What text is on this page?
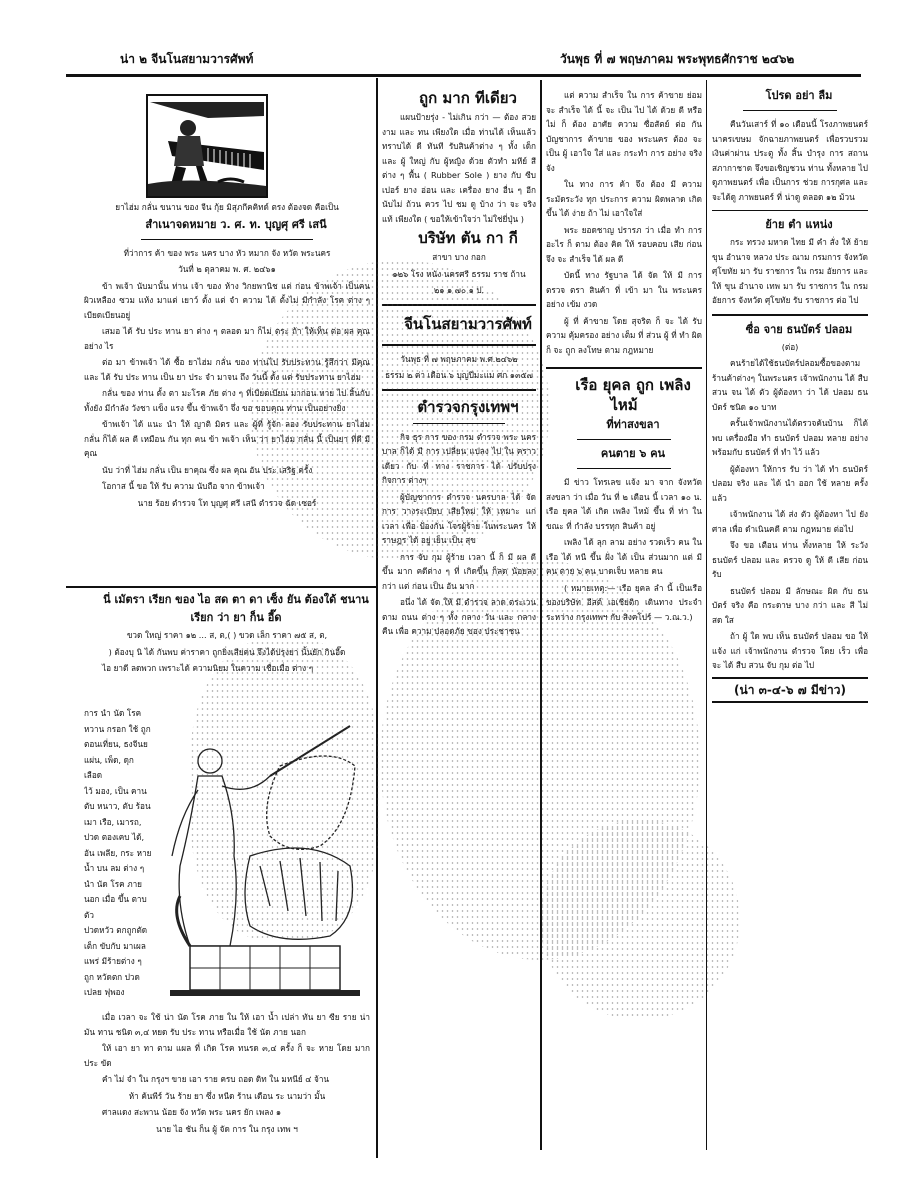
น่า ๒ จีนโนสยามวารศัพท์	วันพุธ ที่ ๗ พฤษภาคม พระพุทธศักราช ๒๔๖๒

ยาไฮ่ม กลั่น ขนาน ของ จีน กุ้ย มิสุภกีคคิทด์ ตรง ต้องจด คือเป็น

สำเนาจดหมาย ว. ศ. ท. บุญศุ ศรี เสนี

ที่ว่าการ ค้า ของ พระ นคร บาง หัว หมาก จัง หวัด พระนคร

วันที่ ๒ ตุลาคม พ. ศ. ๒๔๖๑

ข้า พเจ้า นับมานั้น ท่าน เจ้า ของ ห้าง วิกยพานิช แต่ ก่อน ข้าพเจ้า เป็นคน ผิวเหลือง ซวม แห้ง มาแต่ เยาว์ ตั้ง แต่ จำ ความ ได้ ตั้งไม่ มีกำลัง โรค ต่าง ๆ เบียดเบียนอยู่

เสมอ ได้ รับ ประ ทาน ยา ต่าง ๆ ตลอด มา ก็ไม่ ตระ ถ้า ให้เห็น ต่อ ผล คุณ อย่าง ไร

ต่อ มา ข้าพเจ้า ได้ ซื้อ ยาไฮ่ม กลั่น ของ ท่านไป รับประทาน รู้สึกว่า มีคุณ และ ได้ รับ ประ ทาน เป็น ยา ประ จำ มาจน ถึง วันนี้ ตั้ง แต่ รับประทาน ยาไฮ่ม

กลั่น ของ ท่าน ตั้ง ตา มะโรค ภัย ต่าง ๆ ที่เบียดเบียน มาก่อน หาย ไป สิ้นกับ ทั้งยัง มีกำลัง วังชา แข็ง แรง ขึ้น ข้าพเจ้า จึ่ง ขอ ขอบคุณ ท่าน เป็นอย่างยิ่ง

ข้าพเจ้า ได้ แนะ นำ ให้ ญาติ มิตร และ ผู้ที่ รู้จัก ลอง รับประทาน ยาไฮ่ม กลั่น ก็ได้ ผล ดี เหมือน กัน ทุก คน ข้า พเจ้า เห็น ว่า ยาไฮ่ม กลั่น นี้ เป็นยา ที่ดี มี คุณ

นับ ว่าที่ ไฮ่ม กลั่น เป็น ยาคุณ ซึ่ง ผล คุณ อัน ประ เสริฐ ครั้ง

โอกาส นี้ ขอ ให้ รับ ความ นับถือ จาก ข้าพเจ้า

นาย ร้อย ตำรวจ โท บุญศุ ศรี เสนี ตำรวจ ฉัด เซอร์

นี่ เมัตรา เรียก ของ ไอ สด ตา ดา เซ็ง ยัน ต้องใด้ ชนาน

เรียก ว่า ยา ก็น อี๊ด

ขวด ใหญ่ ราคา ๑๒ ... ส, ต,( ) ขวด เล็ก ราคา ๗๕ ส, ต,

) ต้องบุ นิ ได้ กันพบ ค่าราคา ถูกยิ่งเสียคน จึงได้ปรุงยา นั้นยัก กินอี๊ด

ไอ ยาดี ลดพวก เพราะได้ ความนิยม ในความ เชื่อเมื่อ ต่าง ๆ

การ นำ นัด โรค
หวาน กรอก ใช้ ถูก
ตอนเที่ยน, ธงจีนย
แผ่น, เพ็ด, ดุก เลือด
ไว้ มอง, เป็น คาน
ตับ หนาว, ตับ ร้อน
เมา เรือ, เมารถ,
ปวด ตองเคบ ได้,
อัน เพลีย, กระ หาย
น้ำ บน ลม ต่าง ๆ
นำ นัด โรค ภาย
นอก เมื่อ ขึ้น ตาบตัว
ปวดหวัว ตกถูกตัด
เต็ก ขับกับ มาเผล
แพร่ มีร้ายต่าง ๆ
ถูก หวัดตก ปวด
เปลย ฟุพอง

เมื่อ เวลา จะ ใช้ น่า นัด โรค ภาย ใน ให้ เอา น้ำ เปล่า ทัน ยา ซีย ราย น่า มัน ทาน ชนิด ๓,๔ หยด รับ ประ ทาน หรือเมื่อ ใช้ นัด ภาย นอก

ให้ เอา ยา ทา ตาม แผล ที่ เกิด โรค ทนรด ๓,๔ ครั้ง ก็ จะ หาย โดย มาก ประ ขัด

คำ ไม่ จำ ใน กรุงฯ ขาย เอา ราย ครบ ถอด ดิท ใน มหนีย์ ๔ จ้าน

ห้า ค้นพีร์ วัน ร้าย ยา ซึ่ง หนีด ร้าน เดือน ระ นามว่า มั้น

ศาลแดง สะพาน น้อย จัง หวัด พระ นคร ยัก เพลง ๑

นาย ไอ ชัน ก็น ผู้ จัด การ ใน กรุง เทพ ฯ

ถูก มาก ทีเดียว

แผนป้ายรุ่ง - ไม่เกิน กว่า — ต้อง สวย งาม และ ทน เพียงใด เมื่อ ท่านได้ เห็นแล้วทราบได้ ดี ทันที รับสินค้าต่าง ๆ ทั้ง เด็ก และ ผู้ ใหญ่ กับ ผู้หญิง ด้วย ตัวทำ มหีย์ สีต่าง ๆ พื้น ( Rubber Sole ) ยาง กับ ซีบเปอร์ ยาง อ่อน และ เครื่อง ยาง อื่น ๆ อีก นับไม่ ถ้วน ควร ไป ชม ดู บ้าง ว่า จะ จริง แท้ เพียงใด ( ขอให้เข้าใจว่า ไม่ใช่ยี่ปุ่น )

บริษัท ตัน กา กี

สาขา บาง กอก

๑๒๖ โรง หนัง นครศรี ธรรม ราช ถ้าน

๒๑ ๑ ๗๐ ๑ ป.

จีนโนสยามวารศัพท์

วันพุธ ที่ ๗ พฤษภาคม พ.ศ.๒๔๖๒

ธรรม ๒ ค่า เดือน ๖ บุญปีมะแม ศก ๑๓๕๗

ตำรวจกรุงเทพฯ

กิจ ธุร การ ของ กรม ตำรวจ พระ นคร บาล ก็ได้ มี การ เปลี่ยน แปลง ไป ใน คราว เดียว กับ ที่ ทาง ราชการ ได้ ปรับปรุง กิจการ ต่างๆ

ผู้บัญชาการ ตำรวจ นครบาล ได้ จัด การ วางระเบียบ เสียใหม่ ให้ เหมาะ แก่ เวลา เพื่อ ป้องกัน โจรผู้ร้าย ในพระนคร ให้ ราษฎร ได้ อยู่ เย็น เป็น สุข

การ จับ กุม ผู้ร้าย เวลา นี้ ก็ มี ผล ดี ขึ้น มาก คดีต่าง ๆ ที่ เกิดขึ้น ก็ลด น้อยลง กว่า แต่ ก่อน เป็น อัน มาก

อนึ่ง ได้ จัด ให้ มี ตำรวจ ลาด ตระเวน ตาม ถนน ต่าง ๆ ทั้ง กลาง วัน และ กลาง คืน เพื่อ ความ ปลอดภัย ของ ประชาชน

แต่ ความ สำเร็จ ใน การ ค้าขาย ย่อม จะ สำเร็จ ได้ นี้ จะ เป็น ไป ได้ ด้วย ดี หรือ ไม่ ก็ ต้อง อาศัย ความ ซื่อสัตย์ ต่อ กัน บัญชาการ ค้าขาย ของ พระนคร ต้อง จะ เป็น ผู้ เอาใจ ใส่ และ กระทำ การ อย่าง จริง จัง

ใน ทาง การ ค้า จึง ต้อง มี ความ ระมัดระวัง ทุก ประการ ความ ผิดพลาด เกิด ขึ้น ได้ ง่าย ถ้า ไม่ เอาใจใส่

พระ ยอดชาญ ปรารภ ว่า เมื่อ ทำ การ อะไร ก็ ตาม ต้อง คิด ให้ รอบคอบ เสีย ก่อน จึง จะ สำเร็จ ได้ ผล ดี

บัดนี้ ทาง รัฐบาล ได้ จัด ให้ มี การ ตรวจ ตรา สินค้า ที่ เข้า มา ใน พระนคร อย่าง เข้ม งวด

ผู้ ที่ ค้าขาย โดย สุจริต ก็ จะ ได้ รับ ความ คุ้มครอง อย่าง เต็ม ที่ ส่วน ผู้ ที่ ทำ ผิด ก็ จะ ถูก ลงโทษ ตาม กฎหมาย

เรือ ยุคล ถูก เพลิง ไหม้

ที่ท่าสงขลา

คนตาย ๖ คน

มี ข่าว โทรเลข แจ้ง มา จาก จังหวัด สงขลา ว่า เมื่อ วัน ที่ ๒ เดือน นี้ เวลา ๑๐ น. เรือ ยุคล ได้ เกิด เพลิง ไหม้ ขึ้น ที่ ท่า ใน ขณะ ที่ กำลัง บรรทุก สินค้า อยู่

เพลิง ได้ ลุก ลาม อย่าง รวดเร็ว คน ใน เรือ ได้ หนี ขึ้น ฝั่ง ได้ เป็น ส่วนมาก แต่ มี คน ตาย ๖ คน บาดเจ็บ หลาย คน

( หมายเหตุ:— เรือ ยุคล ลำ นี้ เป็นเรือ ของบริษัท อีสต์ เอเชียติก เดินทาง ประจำ ระหว่าง กรุงเทพฯ กับ สิงคโปร์ — ว.ณ.ว.)

โปรด อย่า ลืม

คืนวันเสาร์ ที่ ๑๐ เดือนนี้ โรงภาพยนตร์ นาครเขษม จักฉายภาพยนตร์ เพื่อรวบรวม เงินค่าผ่าน ประตู ทั้ง สิ้น บำรุง การ สถาน สภากาชาด จึงขอเชิญชวน ท่าน ทั้งหลาย ไป ดูภาพยนตร์ เพื่อ เป็นการ ช่วย การกุศล และ จะได้ดู ภาพยนตร์ ที่ น่าดู ตลอด ๑๒ ม้วน

ย้าย ตำ แหน่ง

กระ ทรวง มหาด ไทย มี คำ สั่ง ให้ ย้าย ขุน อำนาจ หลวง ประ ณาม กรมการ จังหวัด ศุโขทัย มา รับ ราชการ ใน กรม อัยการ และ ให้ ขุน อำนาจ เทพ มา รับ ราชการ ใน กรม อัยการ จังหวัด ศุโขทัย รับ ราชการ ต่อ ไป

ซื่อ จาย ธนบัตร์ ปลอม

(ต่อ)

คนร้ายได้ใช้ธนบัตร์ปลอมซื้อของตามร้านค้าต่างๆ ในพระนคร เจ้าพนักงาน ได้ สืบ สวน จน ได้ ตัว ผู้ต้องหา ว่า ได้ ปลอม ธนบัตร์ ชนิด ๑๐ บาท

ครั้นเจ้าพนักงานได้ตรวจค้นบ้าน ก็ได้ พบ เครื่องมือ ทำ ธนบัตร์ ปลอม หลาย อย่าง พร้อมกับ ธนบัตร์ ที่ ทำ ไว้ แล้ว

ผู้ต้องหา ให้การ รับ ว่า ได้ ทำ ธนบัตร์ ปลอม จริง และ ได้ นำ ออก ใช้ หลาย ครั้ง แล้ว

เจ้าพนักงาน ได้ ส่ง ตัว ผู้ต้องหา ไป ยัง ศาล เพื่อ ดำเนินคดี ตาม กฎหมาย ต่อไป

จึง ขอ เตือน ท่าน ทั้งหลาย ให้ ระวัง ธนบัตร์ ปลอม และ ตรวจ ดู ให้ ดี เสีย ก่อน รับ

ธนบัตร์ ปลอม มี ลักษณะ ผิด กับ ธนบัตร์ จริง คือ กระดาษ บาง กว่า และ สี ไม่ สด ใส

ถ้า ผู้ ใด พบ เห็น ธนบัตร์ ปลอม ขอ ให้ แจ้ง แก่ เจ้าพนักงาน ตำรวจ โดย เร็ว เพื่อ จะ ได้ สืบ สวน จับ กุม ต่อ ไป

(น่า ๓-๔-๖ ๗ มีข่าว)
